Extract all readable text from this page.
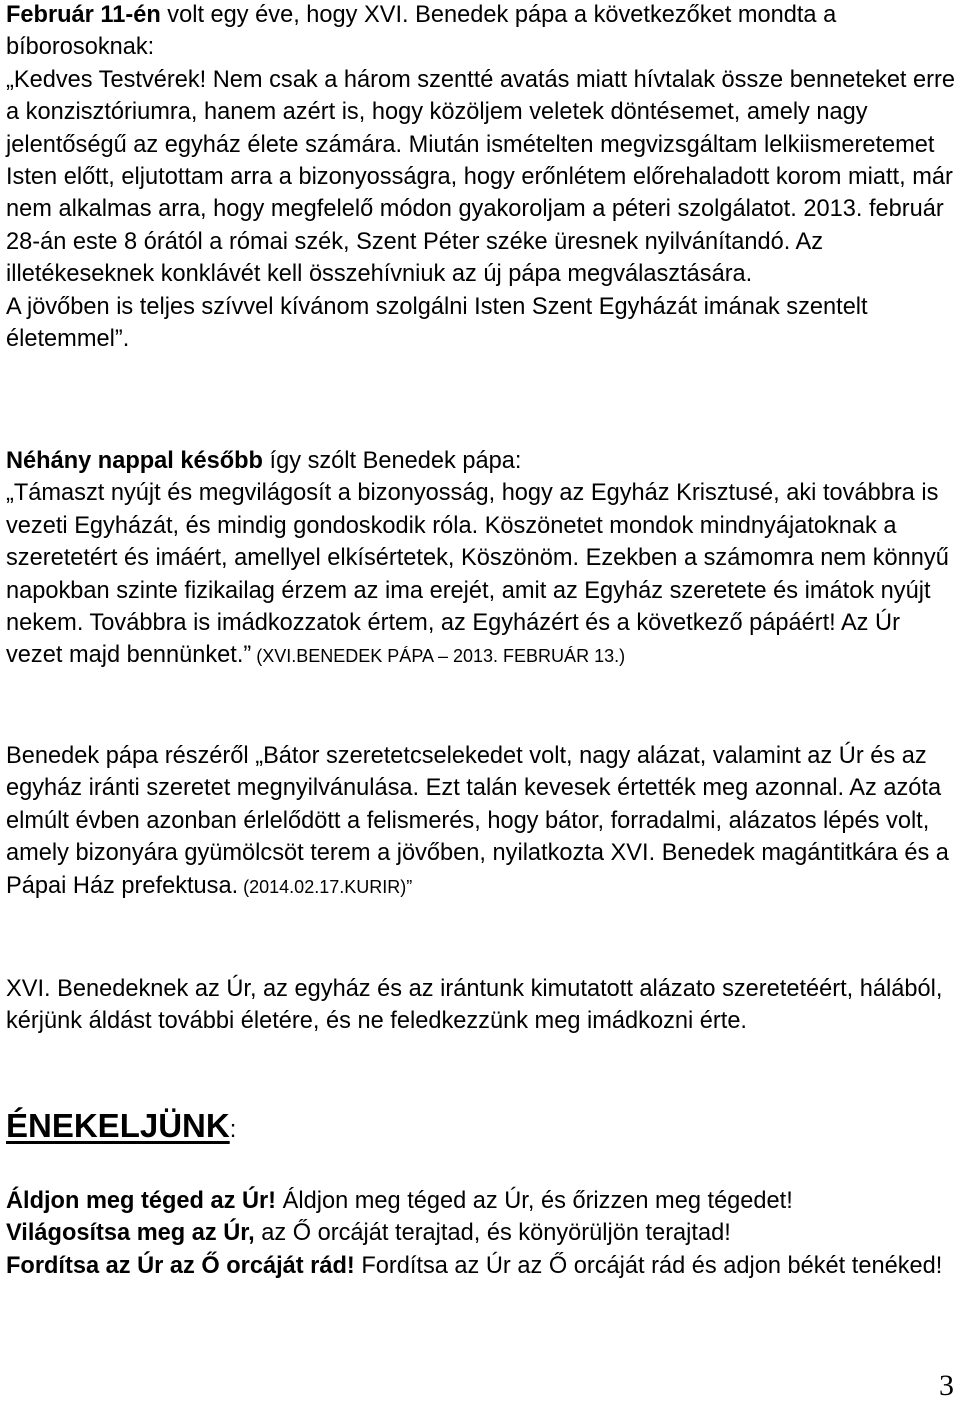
Február 11-én volt egy éve, hogy XVI. Benedek pápa a következőket mondta a bíborosoknak:
„Kedves Testvérek! Nem csak a három szentté avatás miatt hívtalak össze benneteket erre a konzisztóriumra, hanem azért is, hogy közöljem veletek döntésemet, amely nagy jelentőségű az egyház élete számára. Miután ismételten megvizsgáltam lelkiismeretemet Isten előtt, eljutottam arra a bizonyosságra, hogy erőnlétem előrehaladott korom miatt, már nem alkalmas arra, hogy megfelelő módon gyakoroljam a péteri szolgálatot. 2013. február 28-án este 8 órától a római szék, Szent Péter széke üresnek nyilvánítandó. Az illetékeseknek konklávét kell összehívniuk az új pápa megválasztására.
A jövőben is teljes szívvel kívánom szolgálni Isten Szent Egyházát imának szentelt életemmel”.

Néhány nappal később így szólt Benedek pápa:
„Támaszt nyújt és megvilágosít a bizonyosság, hogy az Egyház Krisztusé, aki továbbra is vezeti Egyházát, és mindig gondoskodik róla. Köszönetet mondok mindnyájatoknak a szeretetért és imáért, amellyel elkísértetek, Köszönöm. Ezekben a számomra nem könnyű napokban szinte fizikailag érzem az ima erejét, amit az Egyház szeretete és imátok nyújt nekem. Továbbra is imádkozzatok értem, az Egyházért és a következő pápáért! Az Úr vezet majd bennünket.” (XVI.BENEDEK PÁPA – 2013. FEBRUÁR 13.)

Benedek pápa részéről „Bátor szeretetcselekedet volt, nagy alázat, valamint az Úr és az egyház iránti szeretet megnyilvánulása. Ezt talán kevesek értették meg azonnal. Az azóta elmúlt évben azonban érlelődött a felismerés, hogy bátor, forradalmi, alázatos lépés volt, amely bizonyára gyümölcsöt terem a jövőben, nyilatkozta XVI. Benedek magántitkára és a Pápai Ház prefektusa. (2014.02.17.KURIR)”

XVI. Benedeknek az Úr, az egyház és az irántunk kimutatott alázato szeretetéért, hálából, kérjünk áldást további életére, és ne feledkezzünk meg imádkozni érte.

ÉNEKELJÜNK:

Áldjon meg téged az Úr! Áldjon meg téged az Úr, és őrizzen meg tégedet!
Világosítsa meg az Úr, az Ő orcáját terajtad, és könyörüljön terajtad!
Fordítsa az Úr az Ő orcáját rád! Fordítsa az Úr az Ő orcáját rád és adjon békét tenéked!

3
